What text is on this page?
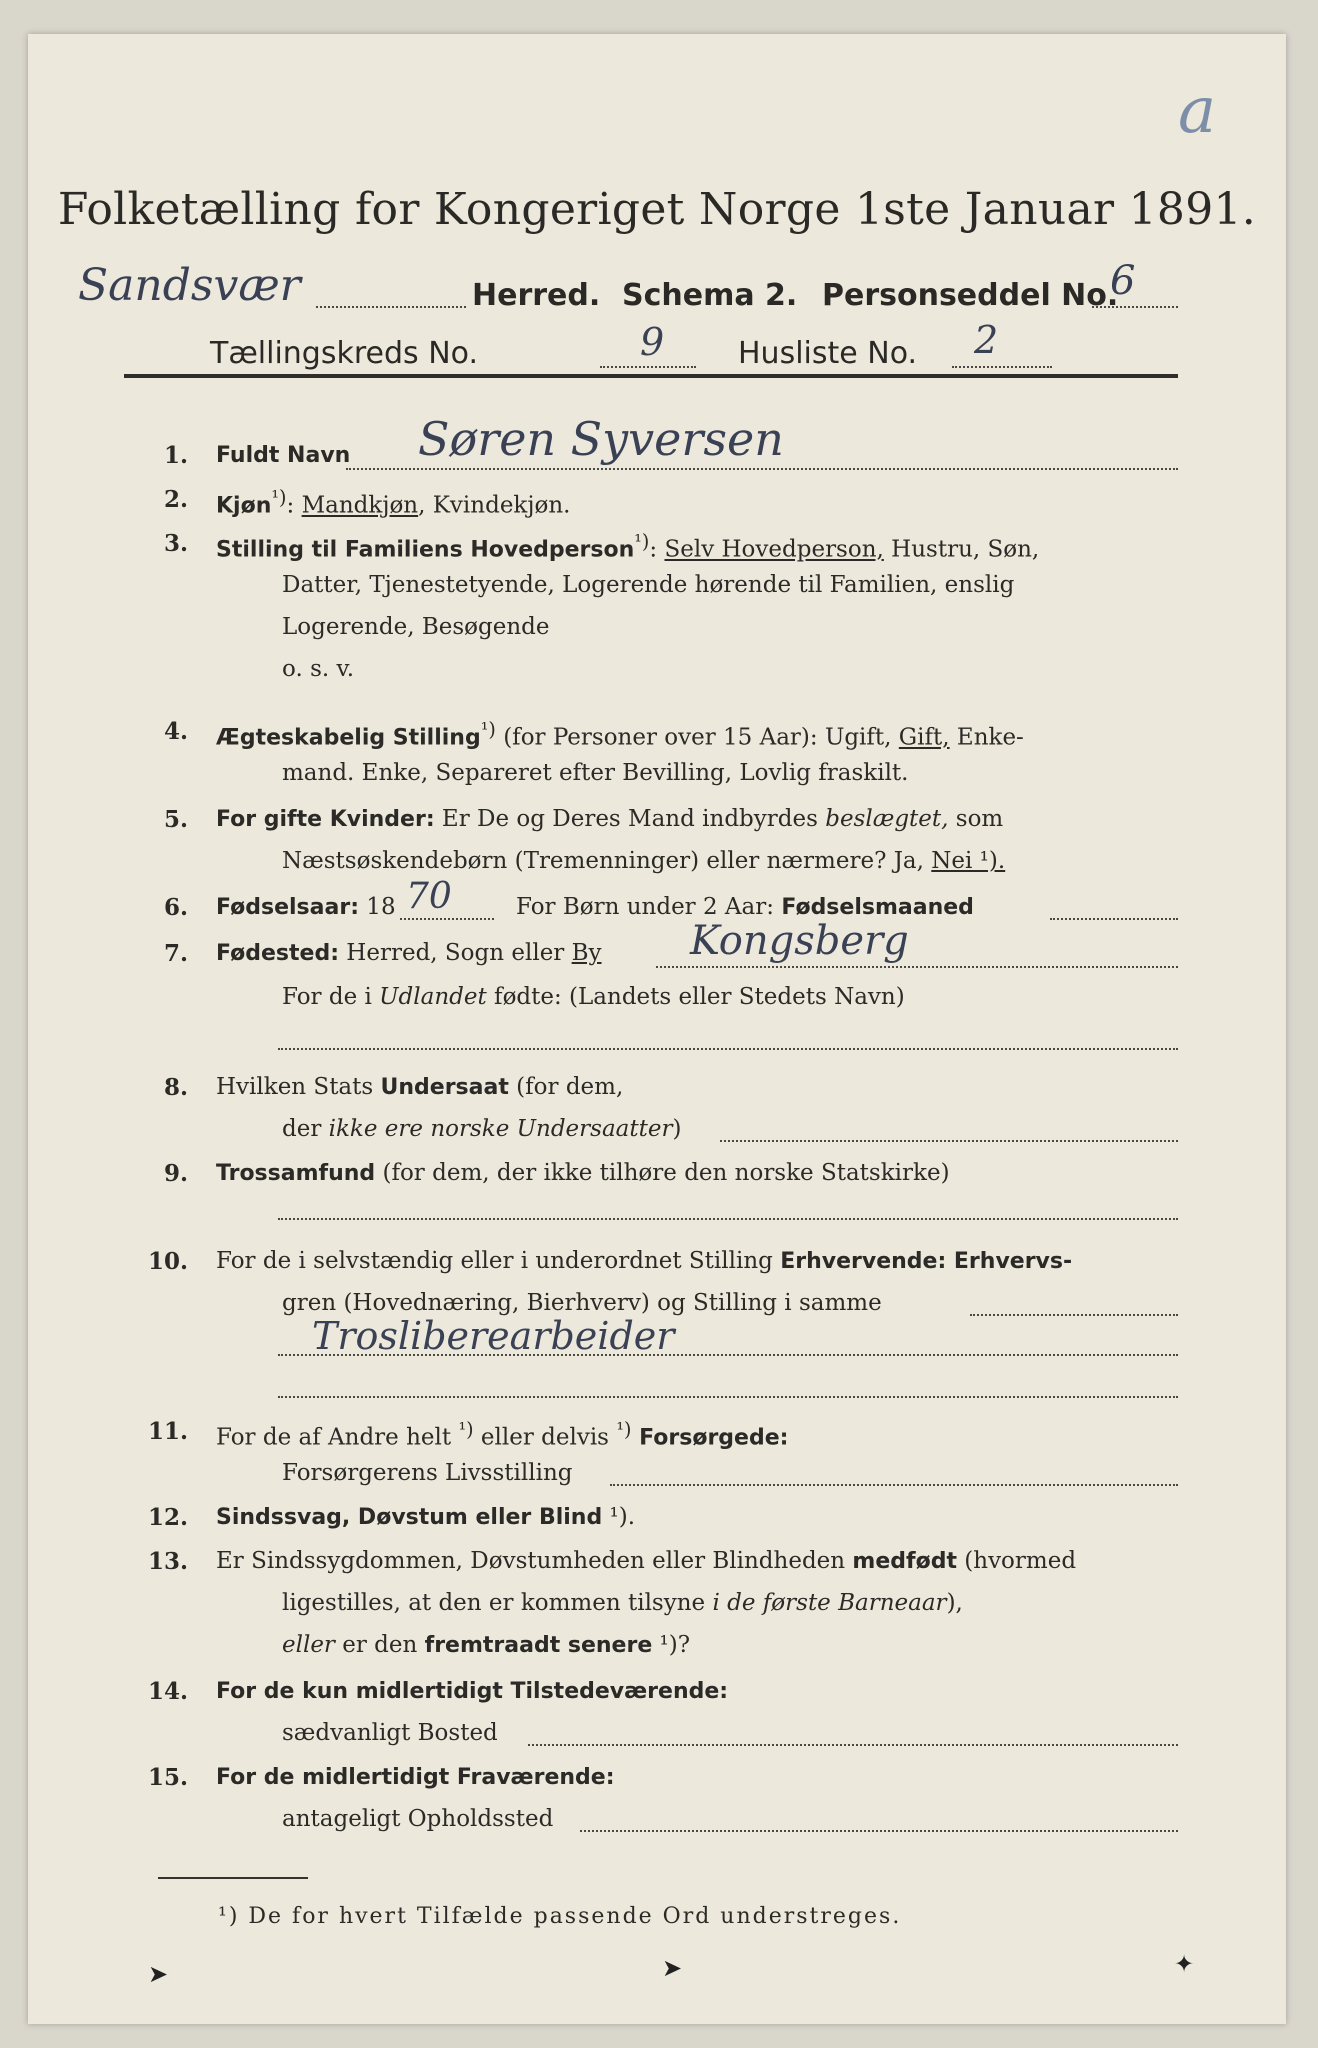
a
Folketælling for Kongeriget Norge 1ste Januar 1891.
Sandsvær	Herred. Schema 2. Personseddel No.
6
Tællingskreds No.	9 Husliste No. 2
1. Fuldt Navn Søren Syversen
2. Kjøn$^{^1)}$: Mandkjøn, Kvindekjøn.
3. Stilling til Familiens Hovedperson$^{^1)}$: Selv Hovedperson, Hustru, Søn,
Datter, Tjenestetyende, Logerende hørende til Familien, enslig
Logerende, Besøgende
o. s. v.
4. Ægteskabelig Stilling$^{^1)}$ (for Personer over 15 Aar): Ugift, Gift, Enke-
mand. Enke, Separeret efter Bevilling, Lovlig fraskilt.
5. For gifte Kvinder: Er De og Deres Mand indbyrdes beslægtet, som
Næstsøskendebørn (Tremenninger) eller nærmere? Ja, Nei ¹).
6. Fødselsaar: 18 70	For Børn under 2 Aar: Fødselsmaaned
7. Fødested: Herred, Sogn eller By Kongsberg
For de i Udlandet fødte: (Landets eller Stedets Navn)
8. Hvilken Stats Undersaat (for dem,
der ikke ere norske Undersaatter)
9. Trossamfund (for dem, der ikke tilhøre den norske Statskirke)
10. For de i selvstændig eller i underordnet Stilling Erhvervende: Erhvervs-
gren (Hovednæring, Bierhverv) og Stilling i samme
Trosliberearbeider
11. For de af Andre helt $^{^1)}$ eller delvis $^{^1)}$ Forsørgede:
Forsørgerens Livsstilling
12. Sindssvag, Døvstum eller Blind ¹).
13. Er Sindssygdommen, Døvstumheden eller Blindheden medfødt (hvormed
ligestilles, at den er kommen tilsyne i de første Barneaar),
eller er den fremtraadt senere ¹)?
14. For de kun midlertidigt Tilstedeværende:
sædvanligt Bosted
15. For de midlertidigt Fraværende:
antageligt Opholdssted
¹) De for hvert Tilfælde passende Ord understreges.
➤	➤	✦
